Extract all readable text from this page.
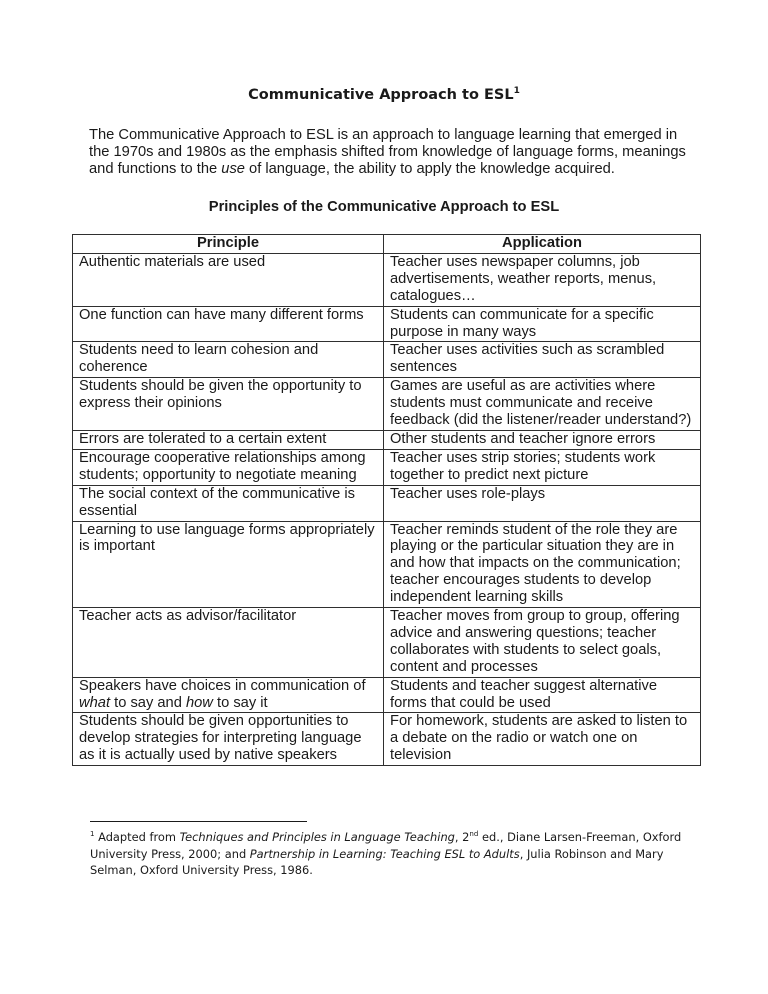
Communicative Approach to ESL$^1$

The Communicative Approach to ESL is an approach to language learning that emerged in the 1970s and 1980s as the emphasis shifted from knowledge of language forms, meanings and functions to the use of language, the ability to apply the knowledge acquired.

Principles of the Communicative Approach to ESL
Principle	Application
Authentic materials are used	Teacher uses newspaper columns, job advertisements, weather reports, menus, catalogues…
One function can have many different forms	Students can communicate for a specific purpose in many ways
Students need to learn cohesion and coherence	Teacher uses activities such as scrambled sentences
Students should be given the opportunity to express their opinions	Games are useful as are activities where students must communicate and receive feedback (did the listener/reader understand?)
Errors are tolerated to a certain extent	Other students and teacher ignore errors
Encourage cooperative relationships among students; opportunity to negotiate meaning	Teacher uses strip stories; students work together to predict next picture
The social context of the communicative is essential	Teacher uses role-plays
Learning to use language forms appropriately is important	Teacher reminds student of the role they are playing or the particular situation they are in and how that impacts on the communication; teacher encourages students to develop independent learning skills
Teacher acts as advisor/facilitator	Teacher moves from group to group, offering advice and answering questions; teacher collaborates with students to select goals, content and processes
Speakers have choices in communication of what to say and how to say it	Students and teacher suggest alternative forms that could be used
Students should be given opportunities to develop strategies for interpreting language as it is actually used by native speakers	For homework, students are asked to listen to a debate on the radio or watch one on television

$^1$ Adapted from Techniques and Principles in Language Teaching, 2nd ed., Diane Larsen-Freeman, Oxford University Press, 2000; and Partnership in Learning: Teaching ESL to Adults, Julia Robinson and Mary Selman, Oxford University Press, 1986.
